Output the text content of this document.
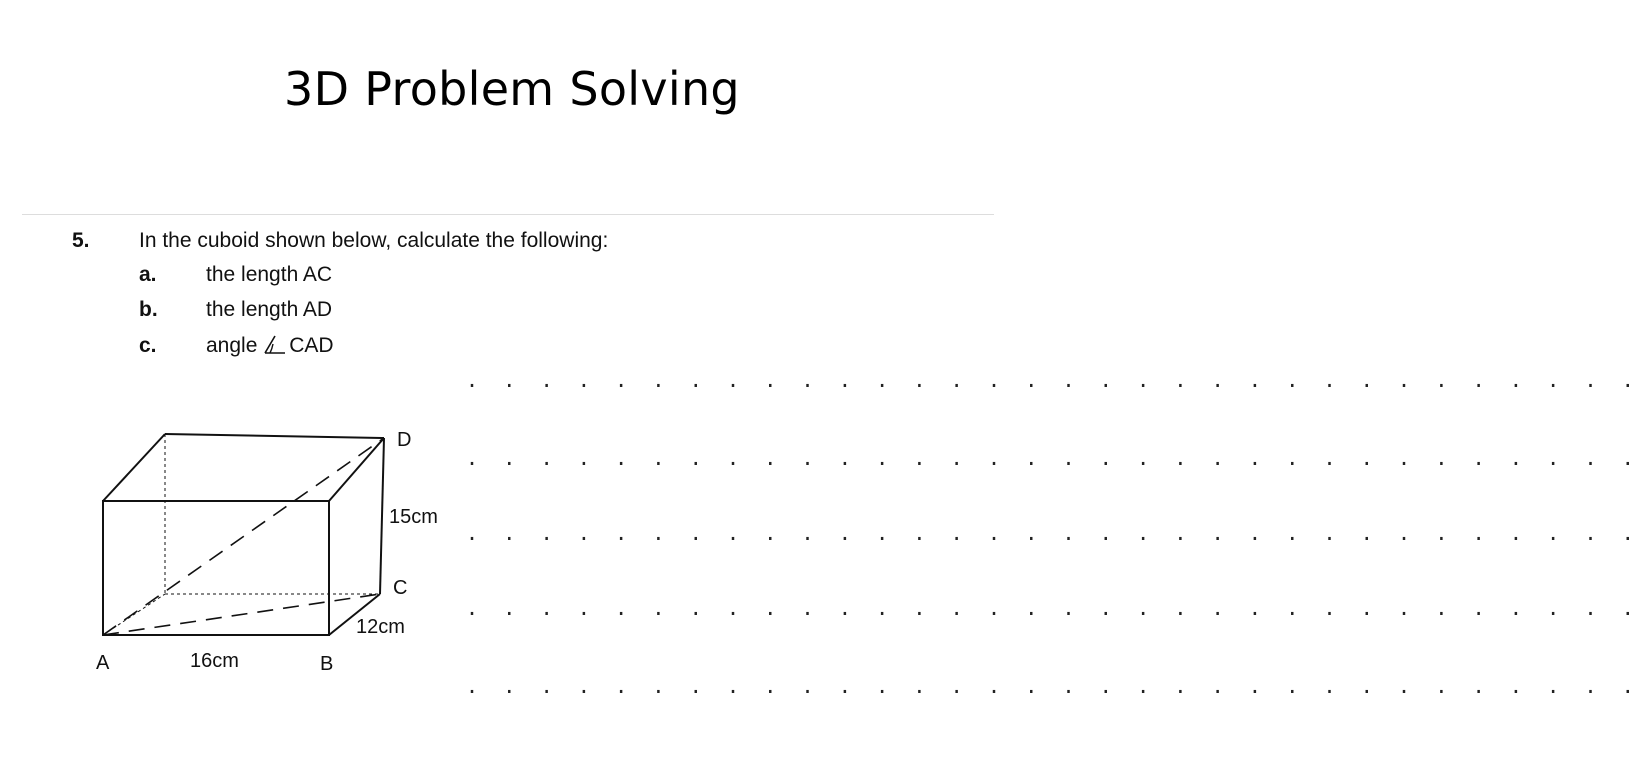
3D Problem Solving
5. In the cuboid shown below, calculate the following:
a. the length AC
b. the length AD
c. angle CAD
. . . . . . . . . . . . . . . . . . . . . . . . . . . . . . . .
. . . . . . . . . . . . . . . . . . . . . . . . . . . . . . . .
. . . . . . . . . . . . . . . . . . . . . . . . . . . . . . . .
. . . . . . . . . . . . . . . . . . . . . . . . . . . . . . . .
. . . . . . . . . . . . . . . . . . . . . . . . . . . . . . . .
A	B
C
D
16cm
12cm
15cm
